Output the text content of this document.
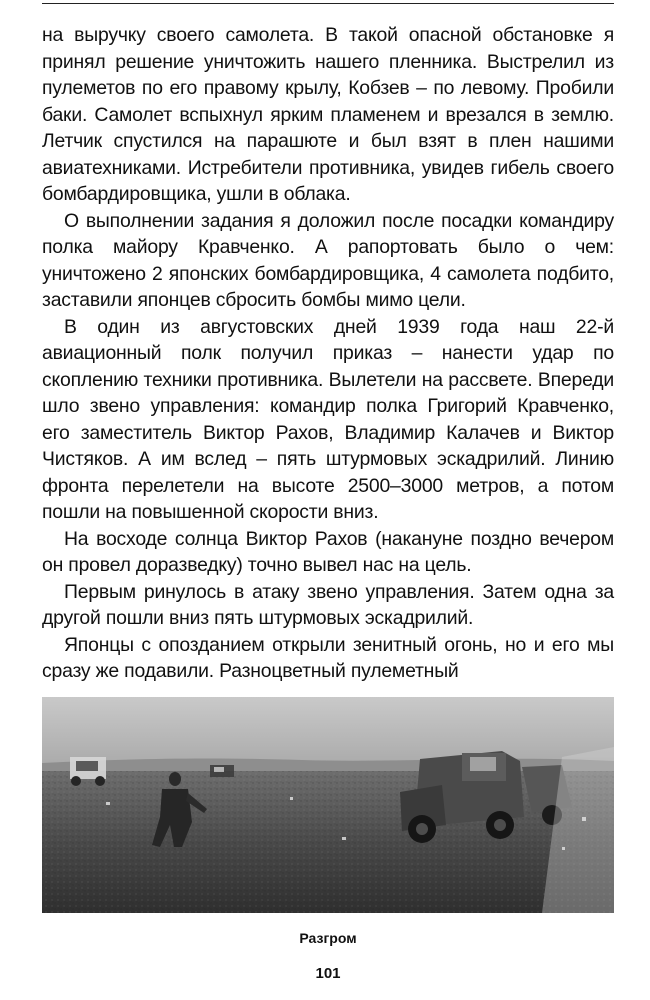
на выручку своего самолета. В такой опасной обстановке я принял решение уничтожить нашего пленника. Выстрелил из пулеметов по его правому крылу, Кобзев – по левому. Пробили баки. Самолет вспыхнул ярким пламенем и врезался в землю. Летчик спустился на парашюте и был взят в плен нашими авиатехниками. Истребители противника, увидев гибель своего бомбардировщика, ушли в облака.

О выполнении задания я доложил после посадки командиру полка майору Кравченко. А рапортовать было о чем: уничтожено 2 японских бомбардировщика, 4 самолета подбито, заставили японцев сбросить бомбы мимо цели.

В один из августовских дней 1939 года наш 22-й авиационный полк получил приказ – нанести удар по скоплению техники противника. Вылетели на рассвете. Впереди шло звено управления: командир полка Григорий Кравченко, его заместитель Виктор Рахов, Владимир Калачев и Виктор Чистяков. А им вслед – пять штурмовых эскадрилий. Линию фронта перелетели на высоте 2500–3000 метров, а потом пошли на повышенной скорости вниз.

На восходе солнца Виктор Рахов (накануне поздно вечером он провел доразведку) точно вывел нас на цель.

Первым ринулось в атаку звено управления. Затем одна за другой пошли вниз пять штурмовых эскадрилий.

Японцы с опозданием открыли зенитный огонь, но и его мы сразу же подавили. Разноцветный пулеметный

Разгром
101
